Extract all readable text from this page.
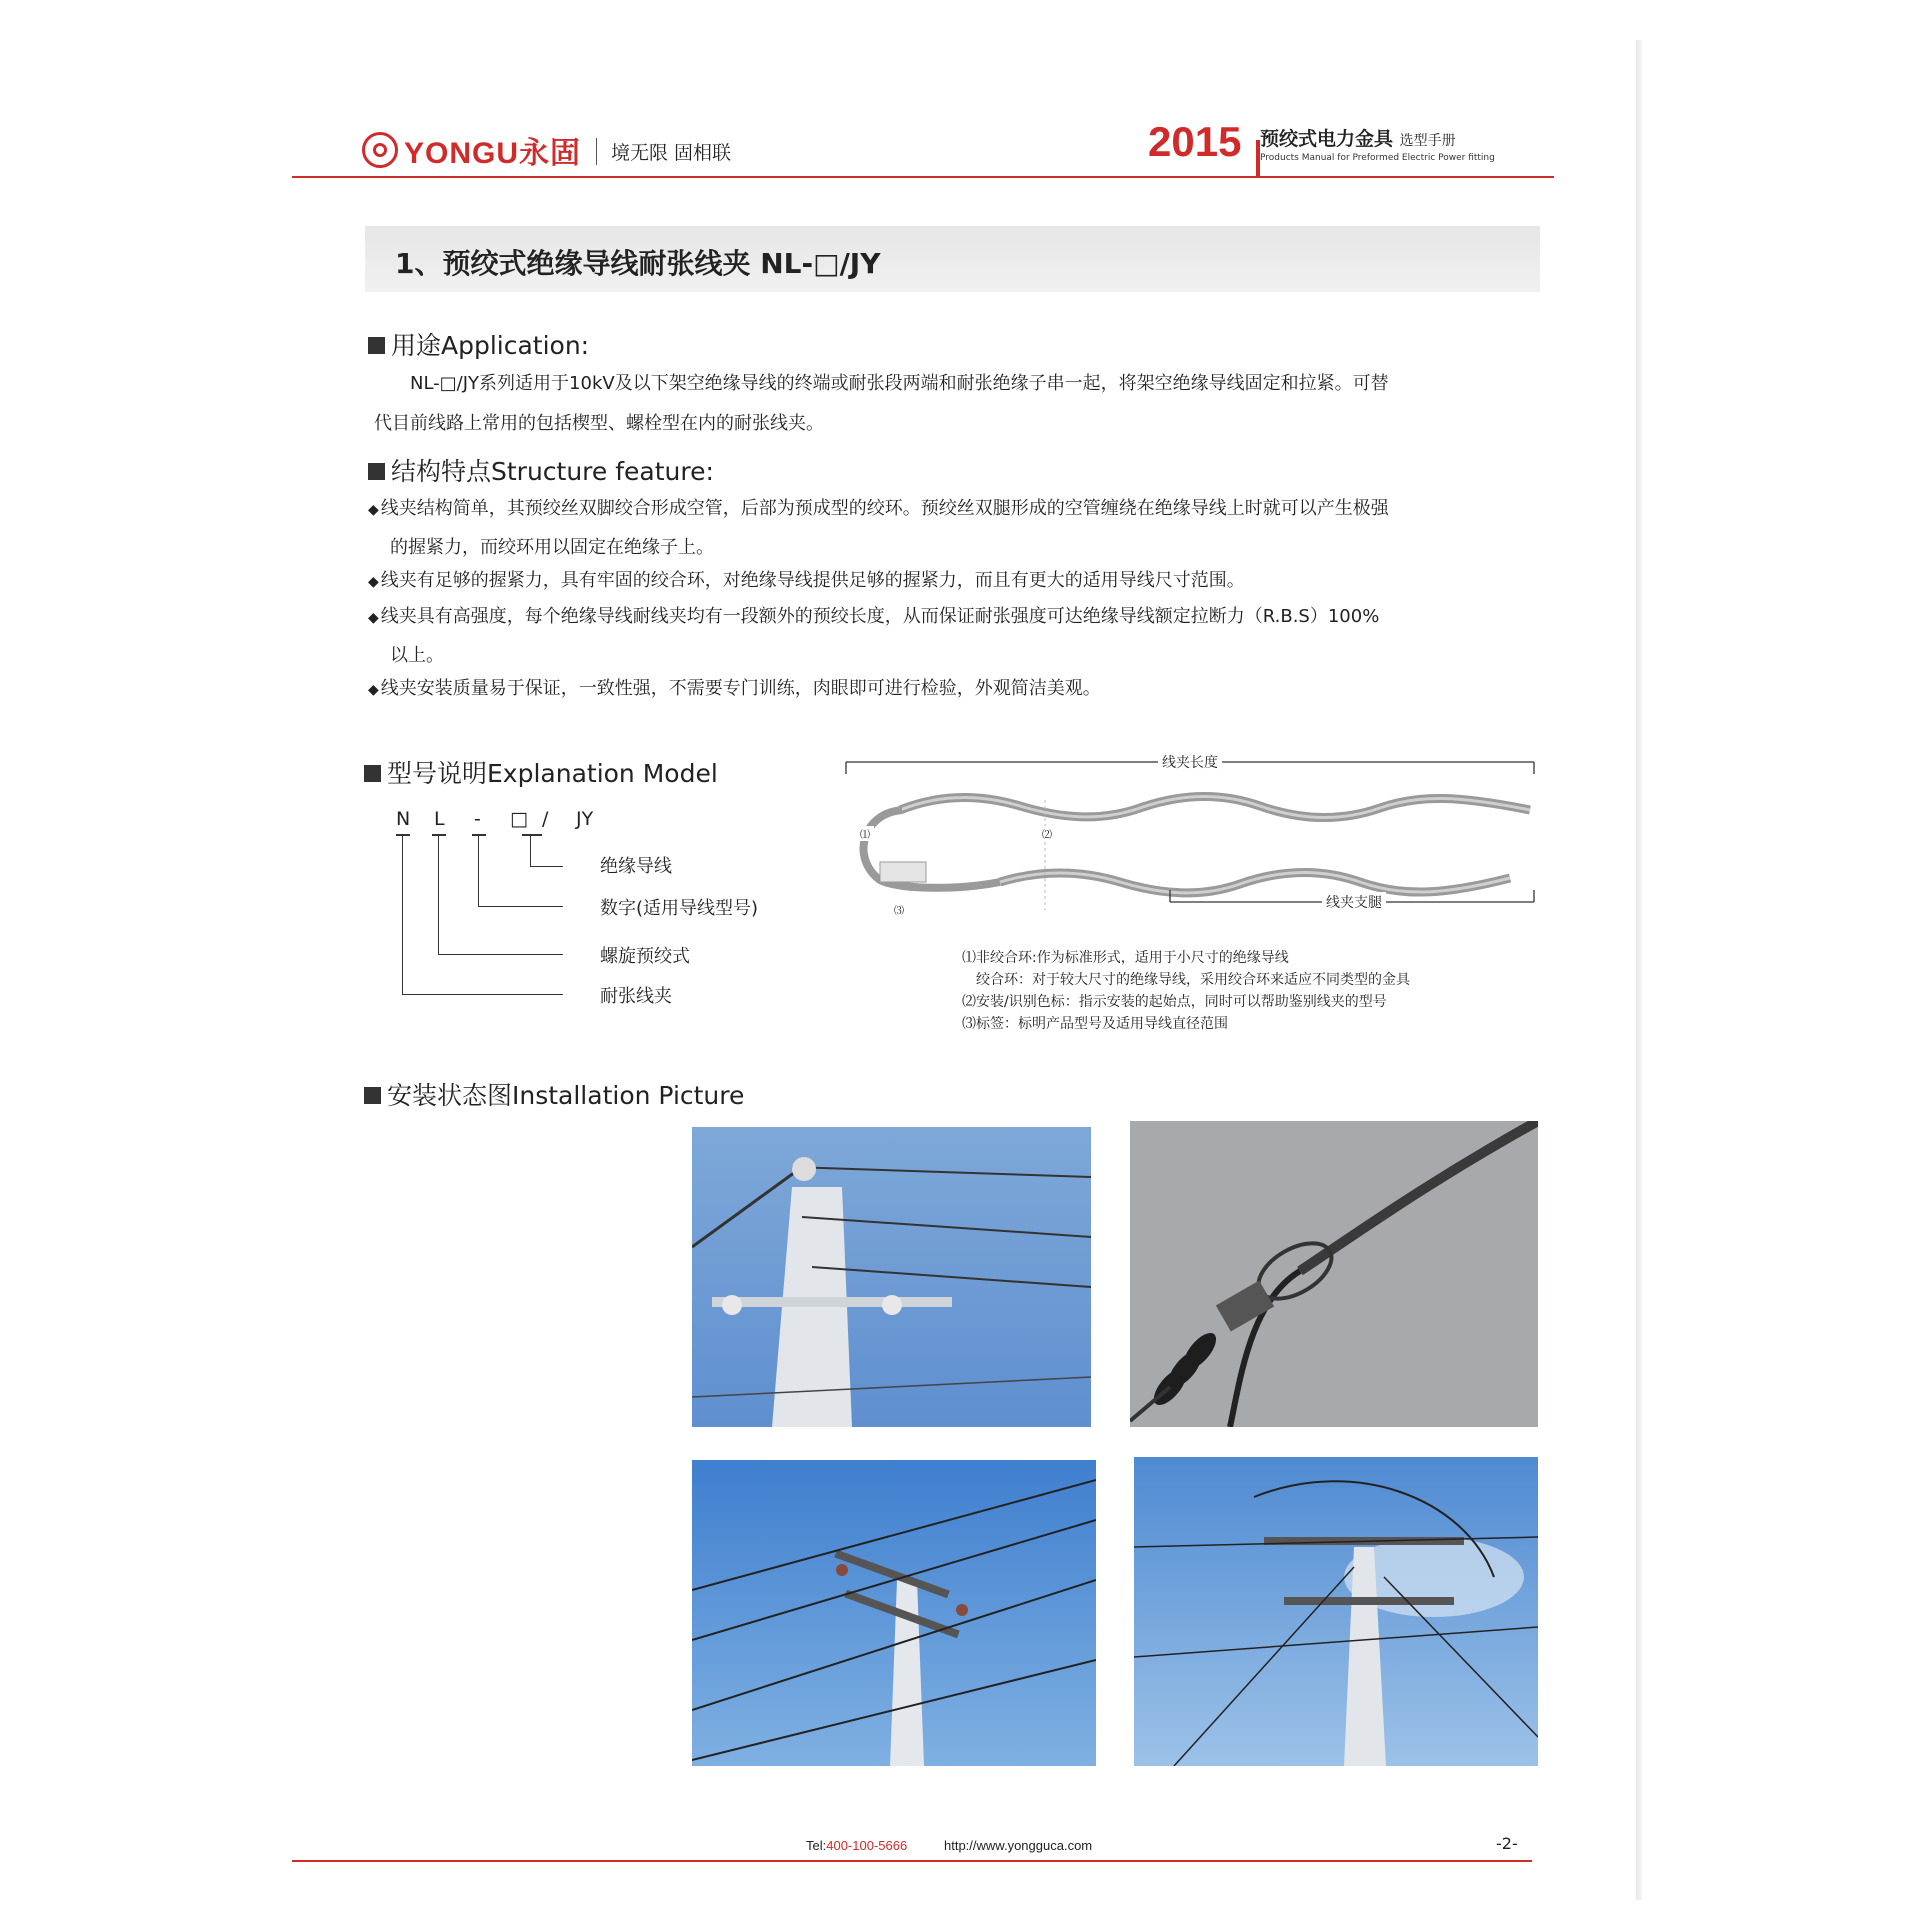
YONGU永固	境无限 固相联	2015 预绞式电力金具 选型手册
Products Manual for Preformed Electric Power fitting
1、预绞式绝缘导线耐张线夹 NL-□/JY
用途Application:
NL-□/JY系列适用于10kV及以下架空绝缘导线的终端或耐张段两端和耐张绝缘子串一起，将架空绝缘导线固定和拉紧。可替
代目前线路上常用的包括楔型、螺栓型在内的耐张线夹。
结构特点Structure feature:
◆ 线夹结构简单，其预绞丝双脚绞合形成空管，后部为预成型的绞环。预绞丝双腿形成的空管缠绕在绝缘导线上时就可以产生极强
的握紧力，而绞环用以固定在绝缘子上。
◆ 线夹有足够的握紧力，具有牢固的绞合环，对绝缘导线提供足够的握紧力，而且有更大的适用导线尺寸范围。
◆ 线夹具有高强度，每个绝缘导线耐线夹均有一段额外的预绞长度，从而保证耐张强度可达绝缘导线额定拉断力（R.B.S）100%
以上。
◆ 线夹安装质量易于保证，一致性强，不需要专门训练，肉眼即可进行检验，外观简洁美观。
型号说明Explanation Model
N L - □ / JY
绝缘导线
数字(适用导线型号)
螺旋预绞式
耐张线夹
线夹长度
线夹支腿
⑴	⑵
⑶
⑴非绞合环:作为标准形式，适用于小尺寸的绝缘导线
　绞合环：对于较大尺寸的绝缘导线，采用绞合环来适应不同类型的金具
⑵安装/识别色标：指示安装的起始点，同时可以帮助鉴别线夹的型号
⑶标签：标明产品型号及适用导线直径范围
安装状态图Installation Picture
Tel:400-100-5666	http://www.yongguca.com	-2-
